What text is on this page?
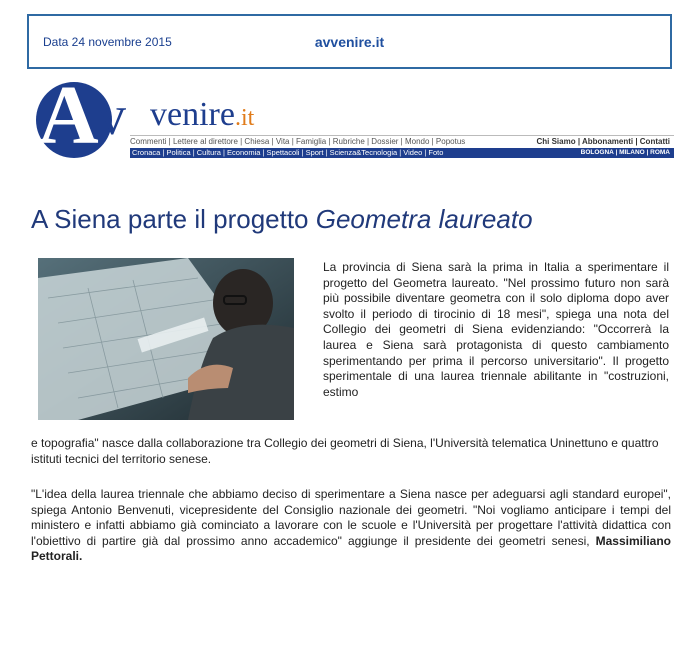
Data 24 novembre 2015	avvenire.it
A v venire.it
Commenti | Lettere al direttore | Chiesa | Vita | Famiglia | Rubriche | Dossier | Mondo | Popotus	Chi Siamo | Abbonamenti | Contatti
Cronaca | Politica | Cultura | Economia | Spettacoli | Sport | Scienza&Tecnologia | Video | Foto	BOLOGNA | MILANO | ROMA
A Siena parte il progetto Geometra laureato

La provincia di Siena sarà la prima in Italia a sperimentare il progetto del Geometra laureato. "Nel prossimo futuro non sarà più possibile diventare geometra con il solo diploma dopo aver svolto il periodo di tirocinio di 18 mesi", spiega una nota del Collegio dei geometri di Siena evidenziando: "Occorrerà la laurea e Siena sarà protagonista di questo cambiamento sperimentando per prima il percorso universitario". Il progetto sperimentale di una laurea triennale abilitante in "costruzioni, estimo

e topografia" nasce dalla collaborazione tra Collegio dei geometri di Siena, l'Università telematica Uninettuno e quattro istituti tecnici del territorio senese.

"L'idea della laurea triennale che abbiamo deciso di sperimentare a Siena nasce per adeguarsi agli standard europei", spiega Antonio Benvenuti, vicepresidente del Consiglio nazionale dei geometri. "Noi vogliamo anticipare i tempi del ministero e infatti abbiamo già cominciato a lavorare con le scuole e l'Università per progettare l'attività didattica con l'obiettivo di partire già dal prossimo anno accademico" aggiunge il presidente dei geometri senesi, Massimiliano Pettorali.
